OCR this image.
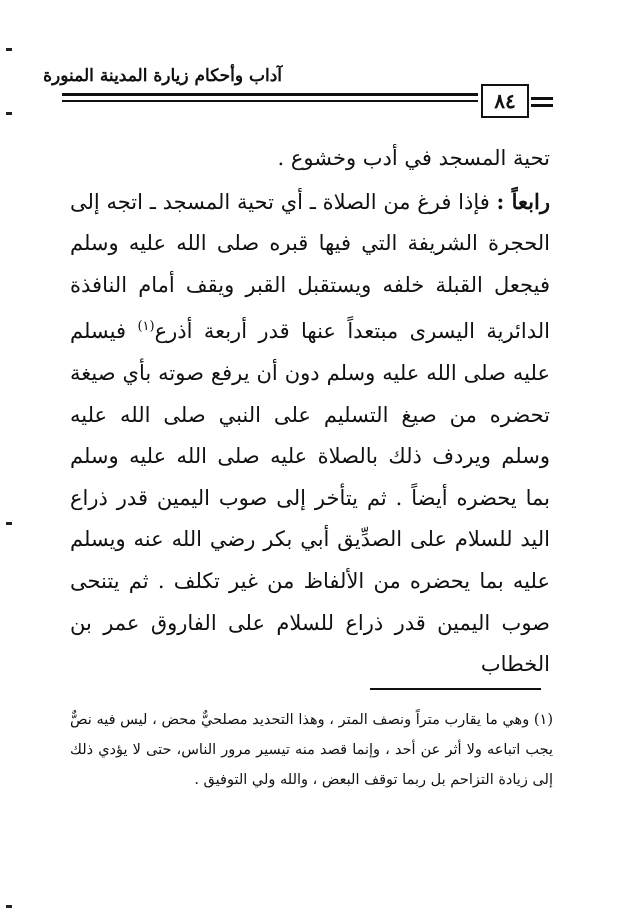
آداب وأحكام زيارة المدينة المنورة
٨٤

تحية المسجد في أدب وخشوع .

رابعاً : فإذا فرغ من الصلاة ـ أي تحية المسجد ـ اتجه إلى الحجرة الشريفة التي فيها قبره صلى الله عليه وسلم فيجعل القبلة خلفه ويستقبل القبر ويقف أمام النافذة الدائرية اليسرى مبتعداً عنها قدر أربعة أذرع$^{(١)}$ فيسلم عليه صلى الله عليه وسلم دون أن يرفع صوته بأي صيغة تحضره من صيغ التسليم على النبي صلى الله عليه وسلم ويردف ذلك بالصلاة عليه صلى الله عليه وسلم بما يحضره أيضاً . ثم يتأخر إلى صوب اليمين قدر ذراع اليد للسلام على الصدِّيق أبي بكر رضي الله عنه ويسلم عليه بما يحضره من الألفاظ من غير تكلف . ثم يتنحى صوب اليمين قدر ذراع للسلام على الفاروق عمر بن الخطاب

(١) وهي ما يقارب متراً ونصف المتر ، وهذا التحديد مصلحيٌّ محض ، ليس فيه نصٌّ يجب اتباعه ولا أثر عن أحد ، وإنما قصد منه تيسير مرور الناس، حتى لا يؤدي ذلك إلى زيادة التزاحم بل ربما توقف البعض ، والله ولي التوفيق .
